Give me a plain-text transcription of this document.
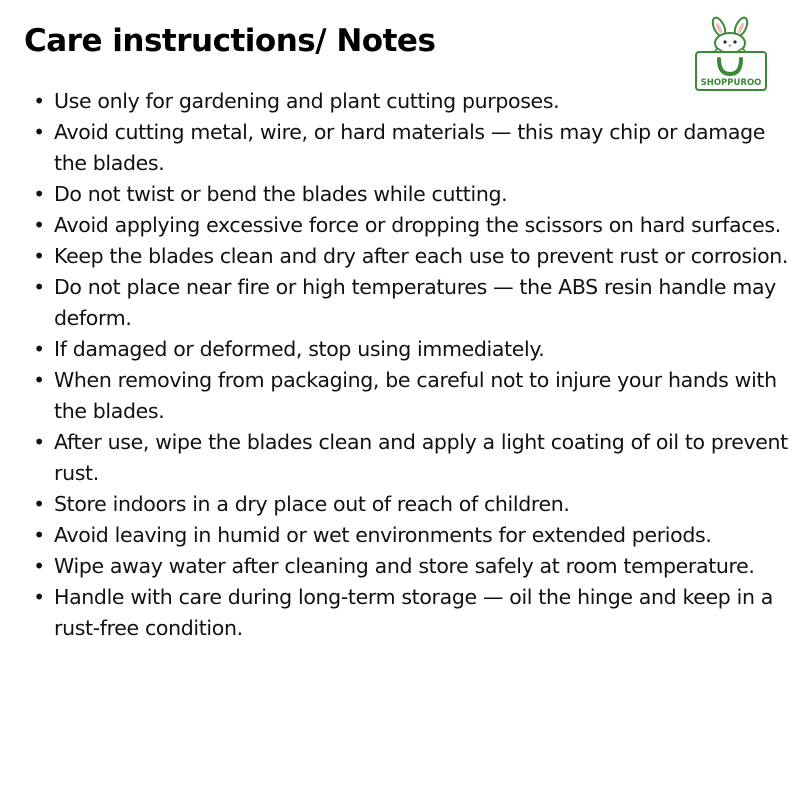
Care instructions/ Notes
SHOPPUROO
• Use only for gardening and plant cutting purposes.
• Avoid cutting metal, wire, or hard materials — this may chip or damage the blades.
• Do not twist or bend the blades while cutting.
• Avoid applying excessive force or dropping the scissors on hard surfaces.
• Keep the blades clean and dry after each use to prevent rust or corrosion.
• Do not place near fire or high temperatures — the ABS resin handle may deform.
• If damaged or deformed, stop using immediately.
• When removing from packaging, be careful not to injure your hands with the blades.
• After use, wipe the blades clean and apply a light coating of oil to prevent rust.
• Store indoors in a dry place out of reach of children.
• Avoid leaving in humid or wet environments for extended periods.
• Wipe away water after cleaning and store safely at room temperature.
• Handle with care during long-term storage — oil the hinge and keep in a rust-free condition.
